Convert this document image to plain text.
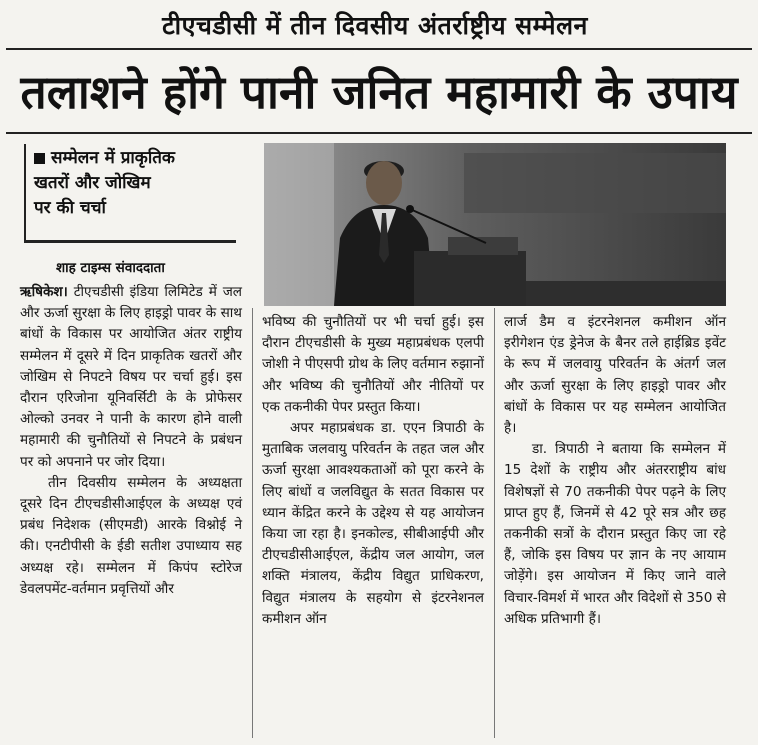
टीएचडीसी में तीन दिवसीय अंतर्राष्ट्रीय सम्मेलन
तलाशने होंगे पानी जनित महामारी के उपाय
सम्मेलन में प्राकृतिक
खतरों और जोखिम
पर की चर्चा
शाह टाइम्स संवाददाता

ऋषिकेश। टीएचडीसी इंडिया लिमिटेड में जल और ऊर्जा सुरक्षा के लिए हाइड्रो पावर के साथ बांधों के विकास पर आयोजित अंतर राष्ट्रीय सम्मेलन में दूसरे में दिन प्राकृतिक खतरों और जोखिम से निपटने विषय पर चर्चा हुई। इस दौरान एरिजोना यूनिवर्सिटी के के प्रोफेसर ओल्को उनवर ने पानी के कारण होने वाली महामारी की चुनौतियों से निपटने के प्रबंधन पर को अपनाने पर जोर दिया।

तीन दिवसीय सम्मेलन के अध्यक्षता दूसरे दिन टीएचडीसीआईएल के अध्यक्ष एवं प्रबंध निदेशक (सीएमडी) आरके विश्नोई ने की। एनटीपीसी के ईडी सतीश उपाध्याय सह अध्यक्ष रहे। सम्मेलन में किपंप स्टोरेज डेवलपमेंट-वर्तमान प्रवृत्तियों और

भविष्य की चुनौतियों पर भी चर्चा हुई। इस दौरान टीएचडीसी के मुख्य महाप्रबंधक एलपी जोशी ने पीएसपी ग्रोथ के लिए वर्तमान रुझानों और भविष्य की चुनौतियों और नीतियों पर एक तकनीकी पेपर प्रस्तुत किया।

अपर महाप्रबंधक डा. एएन त्रिपाठी के मुताबिक जलवायु परिवर्तन के तहत जल और ऊर्जा सुरक्षा आवश्यकताओं को पूरा करने के लिए बांधों व जलविद्युत के सतत विकास पर ध्यान केंद्रित करने के उद्देश्य से यह आयोजन किया जा रहा है। इनकोल्ड, सीबीआईपी और टीएचडीसीआईएल, केंद्रीय जल आयोग, जल शक्ति मंत्रालय, केंद्रीय विद्युत प्राधिकरण, विद्युत मंत्रालय के सहयोग से इंटरनेशनल कमीशन ऑन

लार्ज डैम व इंटरनेशनल कमीशन ऑन इरीगेशन एंड ड्रेनेज के बैनर तले हाईब्रिड इवेंट के रूप में जलवायु परिवर्तन के अंतर्ग जल और ऊर्जा सुरक्षा के लिए हाइड्रो पावर और बांधों के विकास पर यह सम्मेलन आयोजित है।

डा. त्रिपाठी ने बताया कि सम्मेलन में 15 देशों के राष्ट्रीय और अंतरराष्ट्रीय बांध विशेषज्ञों से 70 तकनीकी पेपर पढ़ने के लिए प्राप्त हुए हैं, जिनमें से 42 पूरे सत्र और छह तकनीकी सत्रों के दौरान प्रस्तुत किए जा रहे हैं, जोकि इस विषय पर ज्ञान के नए आयाम जोड़ेंगे। इस आयोजन में किए जाने वाले विचार-विमर्श में भारत और विदेशों से 350 से अधिक प्रतिभागी हैं।
